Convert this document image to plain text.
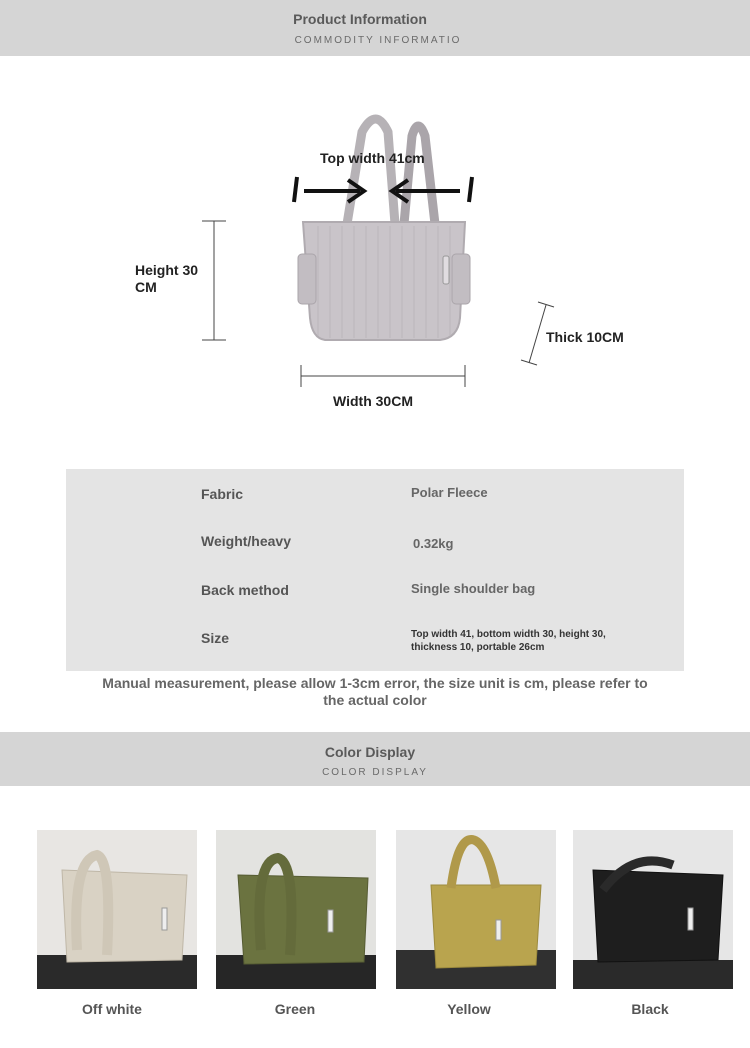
Product Information
COMMODITY INFORMATIO
Top width 41cm
Height 30 CM
Thick 10CM
Width 30CM
Fabric	Polar Fleece
Weight/heavy	0.32kg
Back method	Single shoulder bag
Size	Top width 41, bottom width 30, height 30, thickness 10, portable 26cm
Manual measurement, please allow 1-3cm error, the size unit is cm, please refer to the actual color
Color Display
COLOR DISPLAY
Off white	Green	Yellow	Black
